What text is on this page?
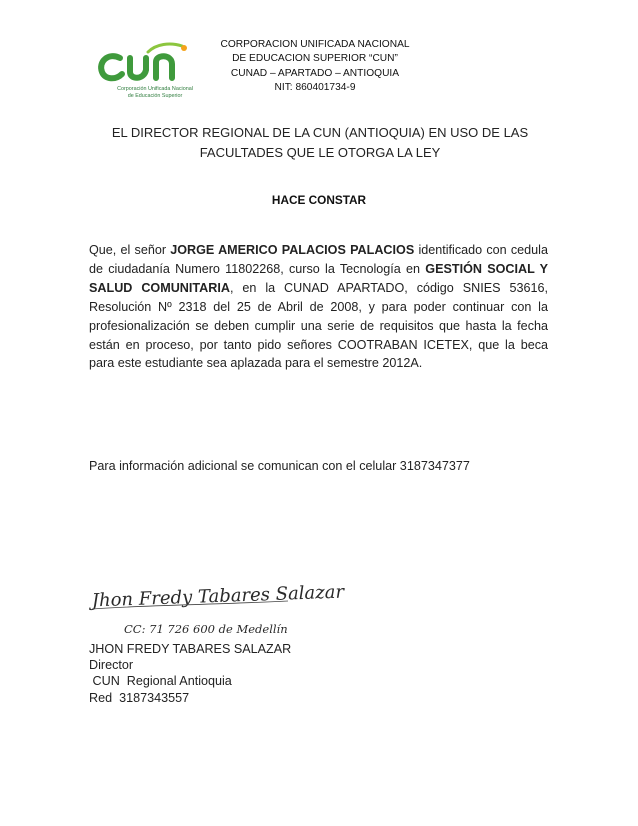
Corporación Unificada Nacional
de Educación Superior
CORPORACION UNIFICADA NACIONAL
DE EDUCACION SUPERIOR “CUN”
CUNAD – APARTADO – ANTIOQUIA
NIT: 860401734-9
EL DIRECTOR REGIONAL DE LA CUN (ANTIOQUIA) EN USO DE LAS FACULTADES QUE LE OTORGA LA LEY
HACE CONSTAR
Que, el señor JORGE AMERICO PALACIOS PALACIOS identificado con cedula de ciudadanía Numero 11802268, curso la Tecnología en GESTIÓN SOCIAL Y SALUD COMUNITARIA, en la CUNAD APARTADO, código SNIES 53616, Resolución Nº 2318 del 25 de Abril de 2008, y para poder continuar con la profesionalización se deben cumplir una serie de requisitos que hasta la fecha están en proceso, por tanto pido señores COOTRABAN ICETEX, que la beca para este estudiante sea aplazada para el semestre 2012A.
Para información adicional se comunican con el celular 3187347377
Jhon Fredy Tabares Salazar
CC: 71 726 600 de Medellín
JHON FREDY TABARES SALAZAR
Director
CUN  Regional Antioquia
Red  3187343557
